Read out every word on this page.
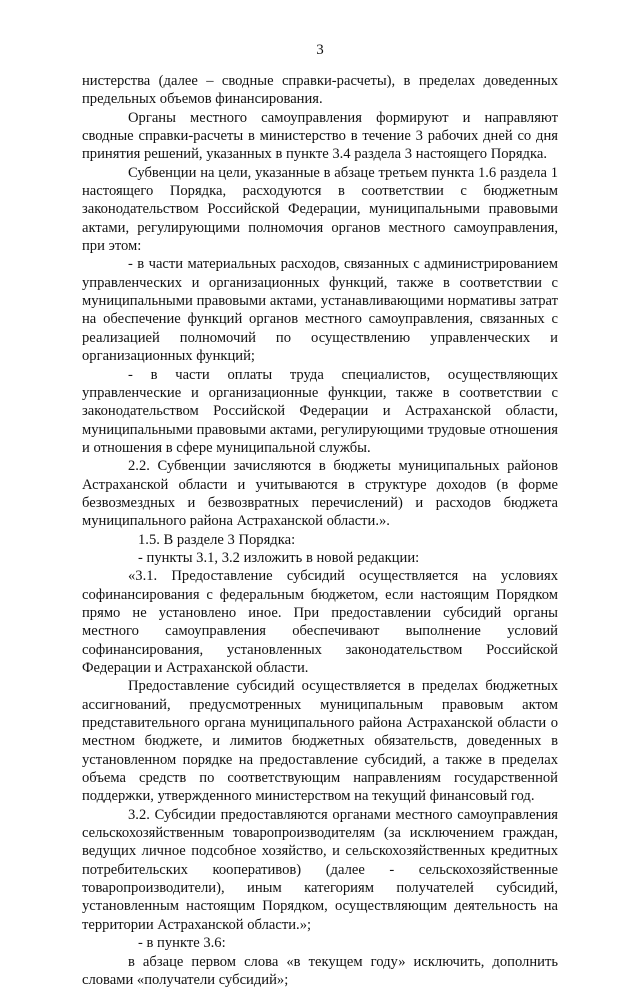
3

нистерства (далее – сводные справки-расчеты), в пределах доведенных предельных объемов финансирования.

Органы местного самоуправления формируют и направляют сводные справки-расчеты в министерство в течение 3 рабочих дней со дня принятия решений, указанных в пункте 3.4 раздела 3 настоящего Порядка.

Субвенции на цели, указанные в абзаце третьем пункта 1.6 раздела 1 настоящего Порядка, расходуются в соответствии с бюджетным законодательством Российской Федерации, муниципальными правовыми актами, регулирующими полномочия органов местного самоуправления, при этом:

- в части материальных расходов, связанных с администрированием управленческих и организационных функций, также в соответствии с муниципальными правовыми актами, устанавливающими нормативы затрат на обеспечение функций органов местного самоуправления, связанных с реализацией полномочий по осуществлению управленческих и организационных функций;

- в части оплаты труда специалистов, осуществляющих управленческие и организационные функции, также в соответствии с законодательством Российской Федерации и Астраханской области, муниципальными правовыми актами, регулирующими трудовые отношения и отношения в сфере муниципальной службы.

2.2. Субвенции зачисляются в бюджеты муниципальных районов Астраханской области и учитываются в структуре доходов (в форме безвозмездных и безвозвратных перечислений) и расходов бюджета муниципального района Астраханской области.».

1.5. В разделе 3 Порядка:

- пункты 3.1, 3.2 изложить в новой редакции:

«3.1. Предоставление субсидий осуществляется на условиях софинансирования с федеральным бюджетом, если настоящим Порядком прямо не установлено иное. При предоставлении субсидий органы местного самоуправления обеспечивают выполнение условий софинансирования, установленных законодательством Российской Федерации и Астраханской области.

Предоставление субсидий осуществляется в пределах бюджетных ассигнований, предусмотренных муниципальным правовым актом представительного органа муниципального района Астраханской области о местном бюджете, и лимитов бюджетных обязательств, доведенных в установленном порядке на предоставление субсидий, а также в пределах объема средств по соответствующим направлениям государственной поддержки, утвержденного министерством на текущий финансовый год.

3.2. Субсидии предоставляются органами местного самоуправления сельскохозяйственным товаропроизводителям (за исключением граждан, ведущих личное подсобное хозяйство, и сельскохозяйственных кредитных потребительских кооперативов) (далее - сельскохозяйственные товаропроизводители), иным категориям получателей субсидий, установленным настоящим Порядком, осуществляющим деятельность на территории Астраханской области.»;

- в пункте 3.6:

в абзаце первом слова «в текущем году» исключить, дополнить словами «получатели субсидий»;
